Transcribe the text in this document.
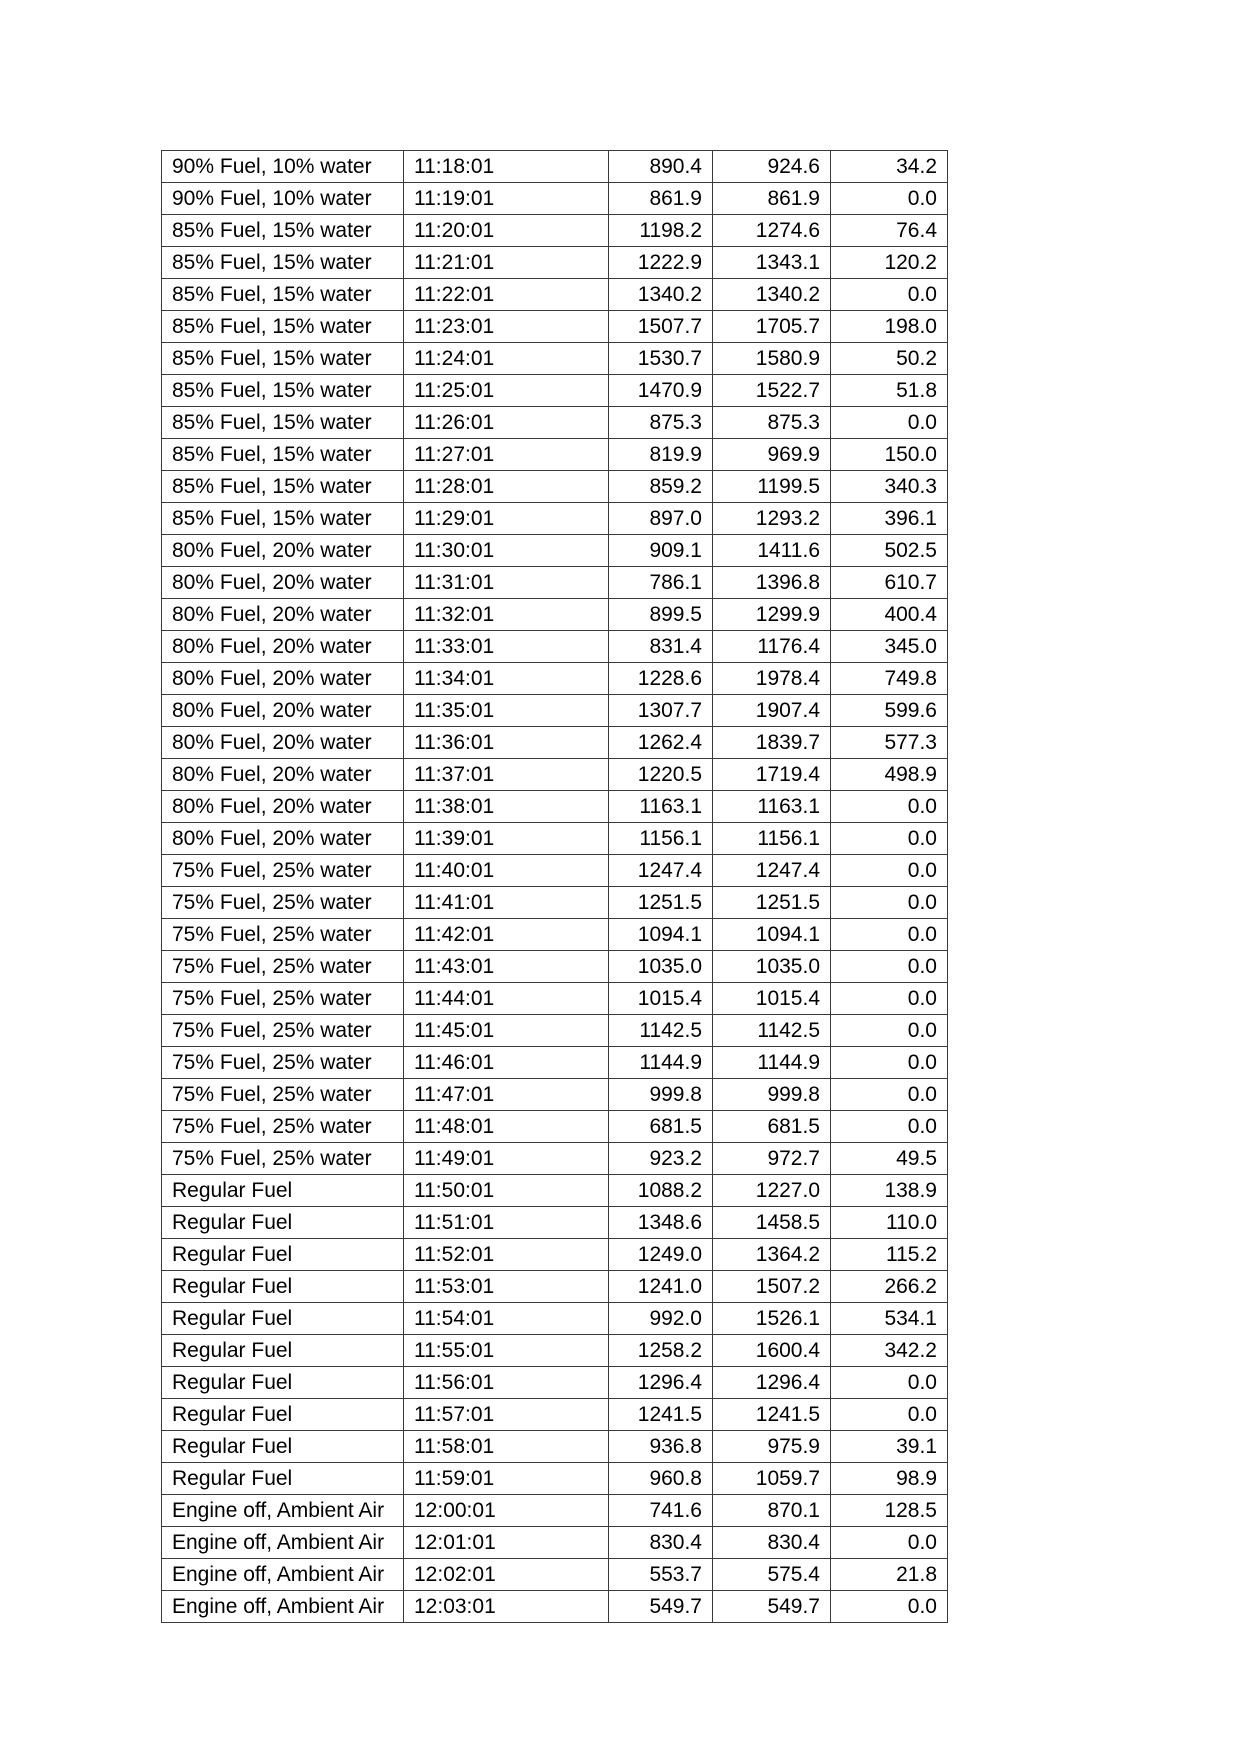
90% Fuel, 10% water	11:18:01	890.4	924.6	34.2
90% Fuel, 10% water	11:19:01	861.9	861.9	0.0
85% Fuel, 15% water	11:20:01	1198.2	1274.6	76.4
85% Fuel, 15% water	11:21:01	1222.9	1343.1	120.2
85% Fuel, 15% water	11:22:01	1340.2	1340.2	0.0
85% Fuel, 15% water	11:23:01	1507.7	1705.7	198.0
85% Fuel, 15% water	11:24:01	1530.7	1580.9	50.2
85% Fuel, 15% water	11:25:01	1470.9	1522.7	51.8
85% Fuel, 15% water	11:26:01	875.3	875.3	0.0
85% Fuel, 15% water	11:27:01	819.9	969.9	150.0
85% Fuel, 15% water	11:28:01	859.2	1199.5	340.3
85% Fuel, 15% water	11:29:01	897.0	1293.2	396.1
80% Fuel, 20% water	11:30:01	909.1	1411.6	502.5
80% Fuel, 20% water	11:31:01	786.1	1396.8	610.7
80% Fuel, 20% water	11:32:01	899.5	1299.9	400.4
80% Fuel, 20% water	11:33:01	831.4	1176.4	345.0
80% Fuel, 20% water	11:34:01	1228.6	1978.4	749.8
80% Fuel, 20% water	11:35:01	1307.7	1907.4	599.6
80% Fuel, 20% water	11:36:01	1262.4	1839.7	577.3
80% Fuel, 20% water	11:37:01	1220.5	1719.4	498.9
80% Fuel, 20% water	11:38:01	1163.1	1163.1	0.0
80% Fuel, 20% water	11:39:01	1156.1	1156.1	0.0
75% Fuel, 25% water	11:40:01	1247.4	1247.4	0.0
75% Fuel, 25% water	11:41:01	1251.5	1251.5	0.0
75% Fuel, 25% water	11:42:01	1094.1	1094.1	0.0
75% Fuel, 25% water	11:43:01	1035.0	1035.0	0.0
75% Fuel, 25% water	11:44:01	1015.4	1015.4	0.0
75% Fuel, 25% water	11:45:01	1142.5	1142.5	0.0
75% Fuel, 25% water	11:46:01	1144.9	1144.9	0.0
75% Fuel, 25% water	11:47:01	999.8	999.8	0.0
75% Fuel, 25% water	11:48:01	681.5	681.5	0.0
75% Fuel, 25% water	11:49:01	923.2	972.7	49.5
Regular Fuel	11:50:01	1088.2	1227.0	138.9
Regular Fuel	11:51:01	1348.6	1458.5	110.0
Regular Fuel	11:52:01	1249.0	1364.2	115.2
Regular Fuel	11:53:01	1241.0	1507.2	266.2
Regular Fuel	11:54:01	992.0	1526.1	534.1
Regular Fuel	11:55:01	1258.2	1600.4	342.2
Regular Fuel	11:56:01	1296.4	1296.4	0.0
Regular Fuel	11:57:01	1241.5	1241.5	0.0
Regular Fuel	11:58:01	936.8	975.9	39.1
Regular Fuel	11:59:01	960.8	1059.7	98.9
Engine off, Ambient Air	12:00:01	741.6	870.1	128.5
Engine off, Ambient Air	12:01:01	830.4	830.4	0.0
Engine off, Ambient Air	12:02:01	553.7	575.4	21.8
Engine off, Ambient Air	12:03:01	549.7	549.7	0.0
